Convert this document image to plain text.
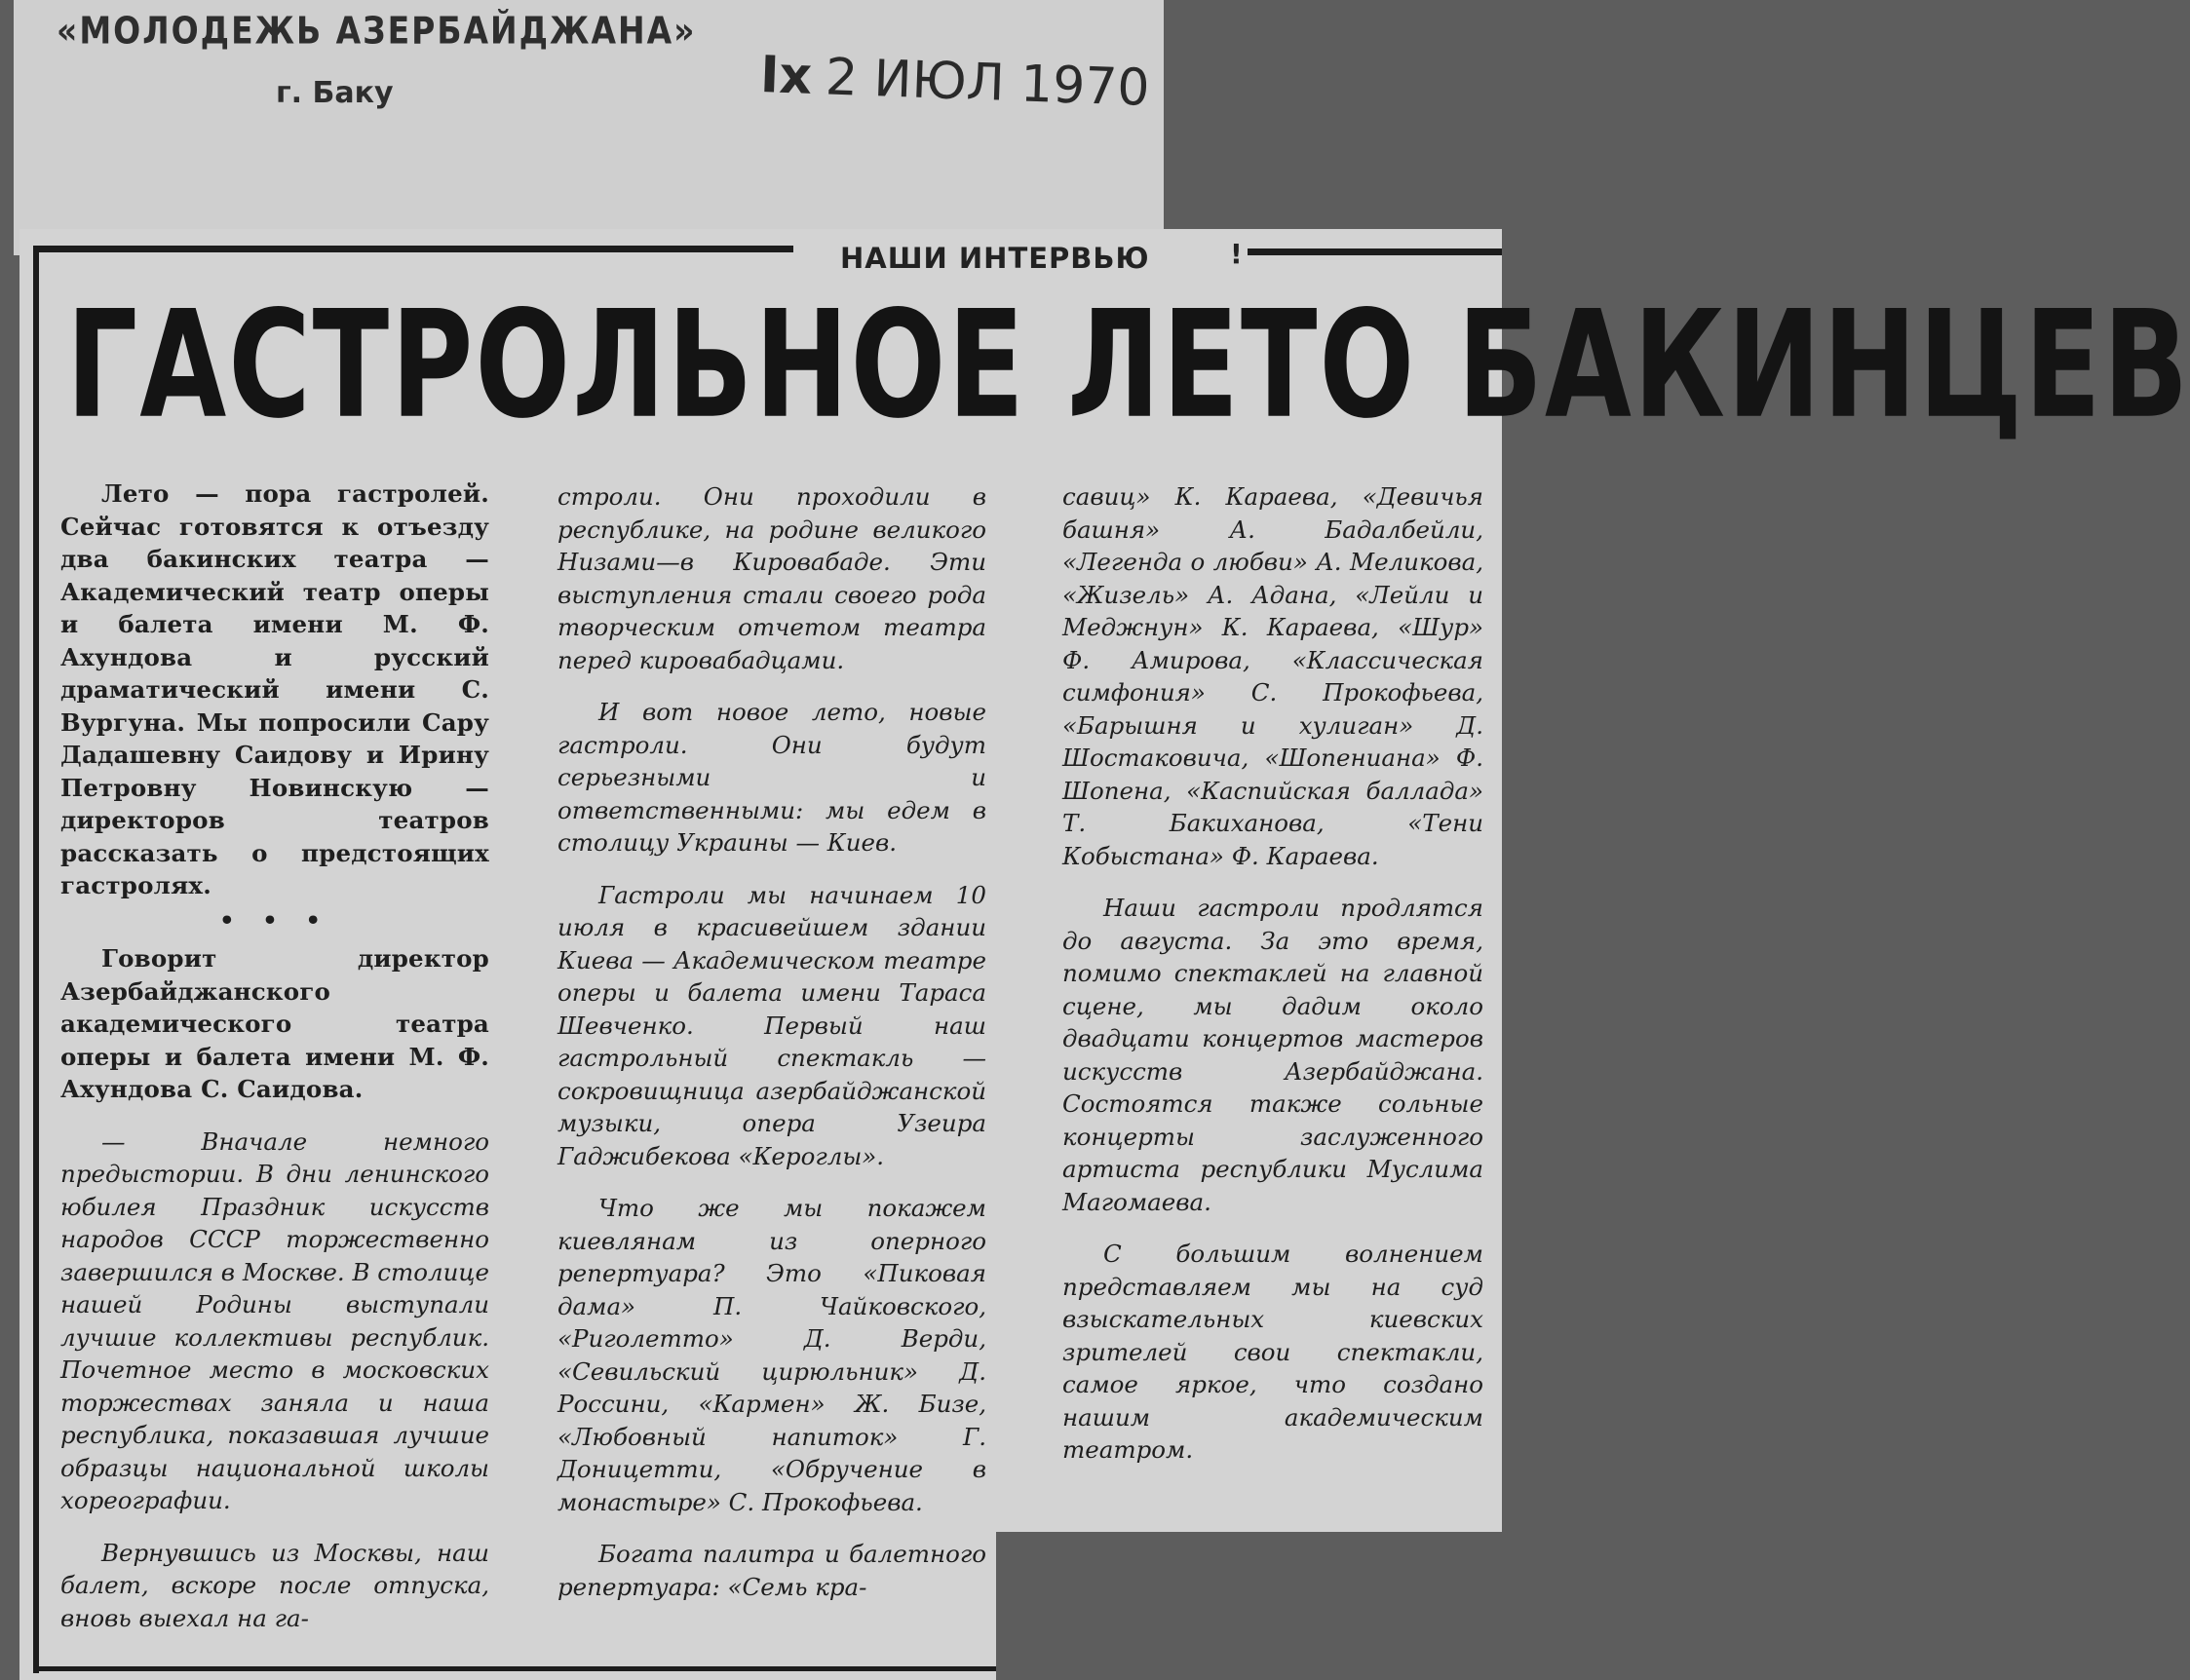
«МОЛОДЕЖЬ АЗЕРБАЙДЖАНА»
г. Баку	Iх 2 ИЮЛ 1970
НАШИ ИНТЕРВЬЮ	!
ГАСТРОЛЬНОЕ ЛЕТО БАКИНЦЕВ

Лето — пора гастролей. Сейчас готовятся к отъезду два бакинских театра — Академический театр оперы и балета имени М. Ф. Ахундова и русский драматический имени С. Вургуна. Мы попросили Сару Дадашевну Саидову и Ирину Петровну Новинскую — директоров театров рассказать о предстоящих гастролях.

• • •

Говорит директор Азербайджанского академического театра оперы и балета имени М. Ф. Ахундова С. Саидова.

— Вначале немного предыстории. В дни ленинского юбилея Праздник искусств народов СССР торжественно завершился в Москве. В столице нашей Родины выступали лучшие коллективы республик. Почетное место в московских торжествах заняла и наша республика, показавшая лучшие образцы национальной школы хореографии.

Вернувшись из Москвы, наш балет, вскоре после отпуска, вновь выехал на га-

строли. Они проходили в республике, на родине великого Низами—в Кировабаде. Эти выступления стали своего рода творческим отчетом театра перед кировабадцами.

И вот новое лето, новые гастроли. Они будут серьезными и ответственными: мы едем в столицу Украины — Киев.

Гастроли мы начинаем 10 июля в красивейшем здании Киева — Академическом театре оперы и балета имени Тараса Шевченко. Первый наш гастрольный спектакль — сокровищница азербайджанской музыки, опера Узеира Гаджибекова «Кероглы».

Что же мы покажем киевлянам из оперного репертуара? Это «Пиковая дама» П. Чайковского, «Риголетто» Д. Верди, «Севильский цирюльник» Д. Россини, «Кармен» Ж. Бизе, «Любовный напиток» Г. Доницетти, «Обручение в монастыре» С. Прокофьева.

Богата палитра и балетного репертуара: «Семь кра-

савиц» К. Караева, «Девичья башня» А. Бадалбейли, «Легенда о любви» А. Меликова, «Жизель» А. Адана, «Лейли и Меджнун» К. Караева, «Шур» Ф. Амирова, «Классическая симфония» С. Прокофьева, «Барышня и хулиган» Д. Шостаковича, «Шопениана» Ф. Шопена, «Каспийская баллада» Т. Бакиханова, «Тени Кобыстана» Ф. Караева.

Наши гастроли продлятся до августа. За это время, помимо спектаклей на главной сцене, мы дадим около двадцати концертов мастеров искусств Азербайджана. Состоятся также сольные концерты заслуженного артиста республики Муслима Магомаева.

С большим волнением представляем мы на суд взыскательных киевских зрителей свои спектакли, самое яркое, что создано нашим академическим театром.
